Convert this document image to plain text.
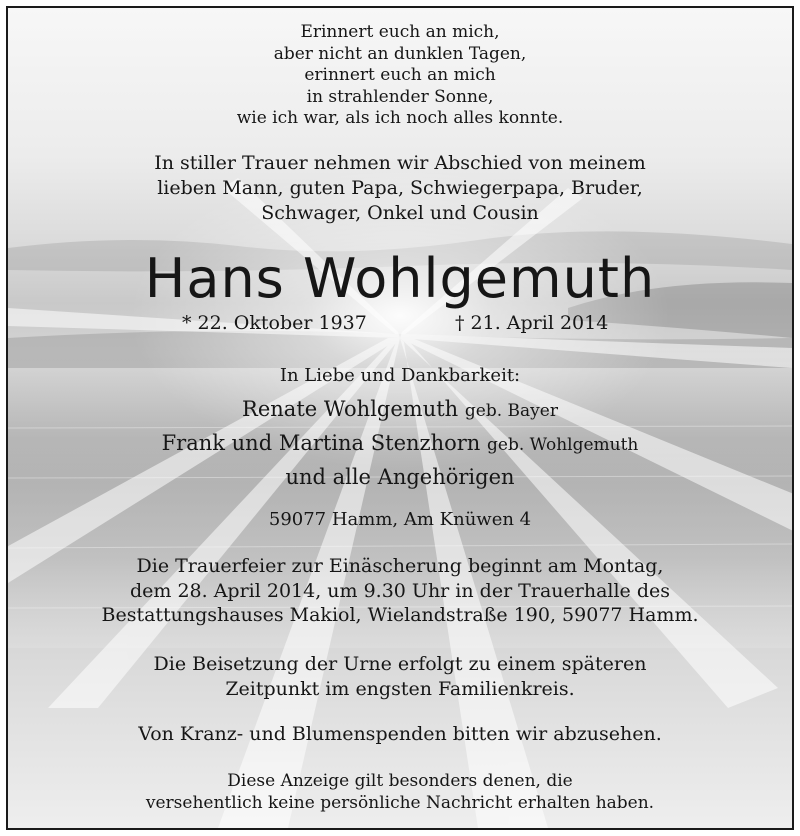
Erinnert euch an mich,
aber nicht an dunklen Tagen,
erinnert euch an mich
in strahlender Sonne,
wie ich war, als ich noch alles konnte.
In stiller Trauer nehmen wir Abschied von meinem
lieben Mann, guten Papa, Schwiegerpapa, Bruder,
Schwager, Onkel und Cousin
Hans Wohlgemuth
* 22. Oktober 1937	† 21. April 2014
In Liebe und Dankbarkeit:
Renate Wohlgemuth geb. Bayer
Frank und Martina Stenzhorn geb. Wohlgemuth
und alle Angehörigen
59077 Hamm, Am Knüwen 4
Die Trauerfeier zur Einäscherung beginnt am Montag,
dem 28. April 2014, um 9.30 Uhr in der Trauerhalle des
Bestattungshauses Makiol, Wielandstraße 190, 59077 Hamm.
Die Beisetzung der Urne erfolgt zu einem späteren
Zeitpunkt im engsten Familienkreis.
Von Kranz- und Blumenspenden bitten wir abzusehen.
Diese Anzeige gilt besonders denen, die
versehentlich keine persönliche Nachricht erhalten haben.
